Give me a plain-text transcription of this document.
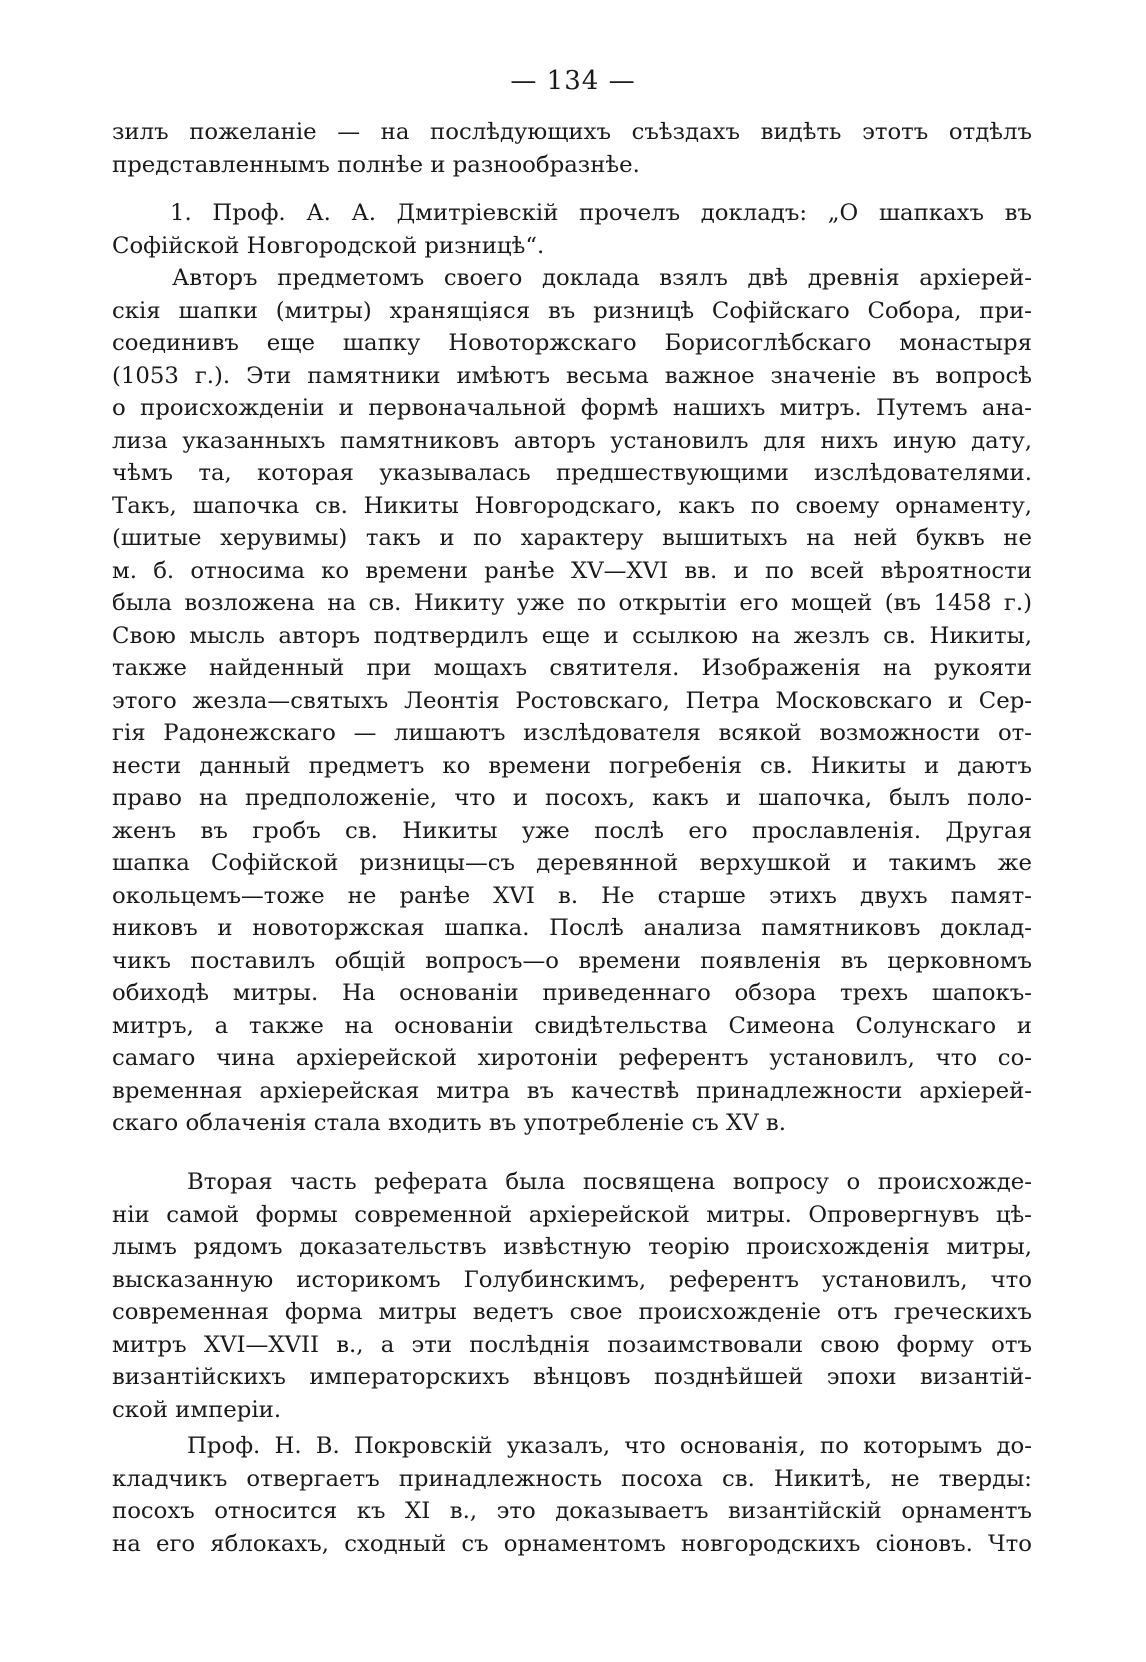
— 134 —
зилъ пожеланіе — на послѣдующихъ съѣздахъ видѣть этотъ отдѣлъ
представленнымъ полнѣе и разнообразнѣе.
1. Проф. А. А. Дмитріевскій прочелъ докладъ: „О шапкахъ въ
Софійской Новгородской ризницѣ“.
Авторъ предметомъ своего доклада взялъ двѣ древнія архіерей-
скія шапки (митры) хранящіяся въ ризницѣ Софійскаго Собора, при-
соединивъ еще шапку Новоторжскаго Борисоглѣбскаго монастыря
(1053 г.). Эти памятники имѣютъ весьма важное значеніе въ вопросѣ
о происхожденіи и первоначальной формѣ нашихъ митръ. Путемъ ана-
лиза указанныхъ памятниковъ авторъ установилъ для нихъ иную дату,
чѣмъ та, которая указывалась предшествующими изслѣдователями.
Такъ, шапочка св. Никиты Новгородскаго, какъ по своему орнаменту,
(шитые херувимы) такъ и по характеру вышитыхъ на ней буквъ не
м. б. относима ко времени ранѣе XV—XVI вв. и по всей вѣроятности
была возложена на св. Никиту уже по открытіи его мощей (въ 1458 г.)
Свою мысль авторъ подтвердилъ еще и ссылкою на жезлъ св. Никиты,
также найденный при мощахъ святителя. Изображенія на рукояти
этого жезла—святыхъ Леонтія Ростовскаго, Петра Московскаго и Сер-
гія Радонежскаго — лишаютъ изслѣдователя всякой возможности от-
нести данный предметъ ко времени погребенія св. Никиты и даютъ
право на предположеніе, что и посохъ, какъ и шапочка, былъ поло-
женъ въ гробъ св. Никиты уже послѣ его прославленія. Другая
шапка Софійской ризницы—съ деревянной верхушкой и такимъ же
окольцемъ—тоже не ранѣе XVI в. Не старше этихъ двухъ памят-
никовъ и новоторжская шапка. Послѣ анализа памятниковъ доклад-
чикъ поставилъ общій вопросъ—о времени появленія въ церковномъ
обиходѣ митры. На основаніи приведеннаго обзора трехъ шапокъ-
митръ, а также на основаніи свидѣтельства Симеона Солунскаго и
самаго чина архіерейской хиротоніи референтъ установилъ, что со-
временная архіерейская митра въ качествѣ принадлежности архіерей-
скаго облаченія стала входить въ употребленіе съ XV в.
Вторая часть реферата была посвящена вопросу о происхожде-
ніи самой формы современной архіерейской митры. Опровергнувъ цѣ-
лымъ рядомъ доказательствъ извѣстную теорію происхожденія митры,
высказанную историкомъ Голубинскимъ, референтъ установилъ, что
современная форма митры ведетъ свое происхожденіе отъ греческихъ
митръ XVI—XVII в., а эти послѣднія позаимствовали свою форму отъ
византійскихъ императорскихъ вѣнцовъ позднѣйшей эпохи византій-
ской имперіи.
Проф. Н. В. Покровскій указалъ, что основанія, по которымъ до-
кладчикъ отвергаетъ принадлежность посоха св. Никитѣ, не тверды:
посохъ относится къ XI в., это доказываетъ византійскій орнаментъ
на его яблокахъ, сходный съ орнаментомъ новгородскихъ сіоновъ. Что
